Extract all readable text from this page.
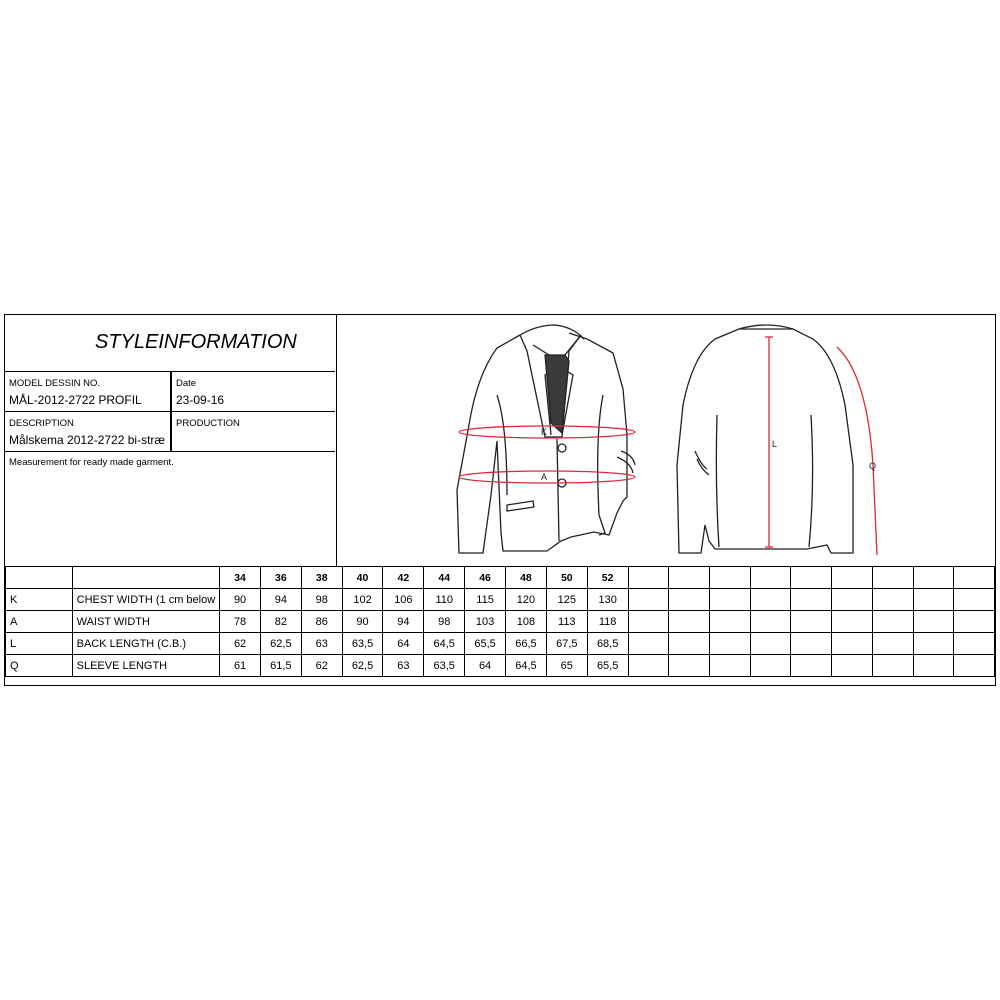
STYLEINFORMATION
MODEL DESSIN NO.
MÅL-2012-2722 PROFIL
Date
23-09-16
DESCRIPTION
Målskema 2012-2722 bi-stræ
PRODUCTION
Measurement for ready made garment.
K
A
L
Q
		34	36	38	40	42	44	46	48	50	52									
K	CHEST WIDTH (1 cm below	90	94	98	102	106	110	115	120	125	130									
A	WAIST WIDTH	78	82	86	90	94	98	103	108	113	118									
L	BACK LENGTH (C.B.)	62	62,5	63	63,5	64	64,5	65,5	66,5	67,5	68,5									
Q	SLEEVE LENGTH	61	61,5	62	62,5	63	63,5	64	64,5	65	65,5									
